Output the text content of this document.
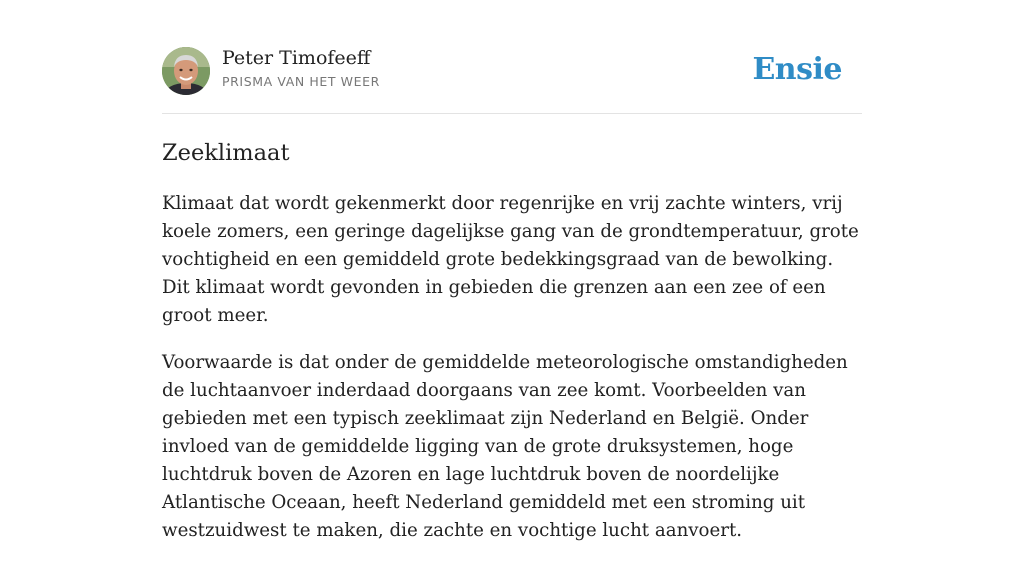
Peter Timofeeff
PRISMA VAN HET WEER	Ensie
Zeeklimaat

Klimaat dat wordt gekenmerkt door regenrijke en vrij zachte winters, vrij koele zomers, een geringe dagelijkse gang van de grondtemperatuur, grote vochtigheid en een gemiddeld grote bedekkingsgraad van de bewolking. Dit klimaat wordt gevonden in gebieden die grenzen aan een zee of een groot meer.

Voorwaarde is dat onder de gemiddelde meteorologische omstandigheden de luchtaanvoer inderdaad doorgaans van zee komt. Voorbeelden van gebieden met een typisch zeeklimaat zijn Nederland en België. Onder invloed van de gemiddelde ligging van de grote druksystemen, hoge luchtdruk boven de Azoren en lage luchtdruk boven de noordelijke Atlantische Oceaan, heeft Nederland gemiddeld met een stroming uit westzuidwest te maken, die zachte en vochtige lucht aanvoert.
